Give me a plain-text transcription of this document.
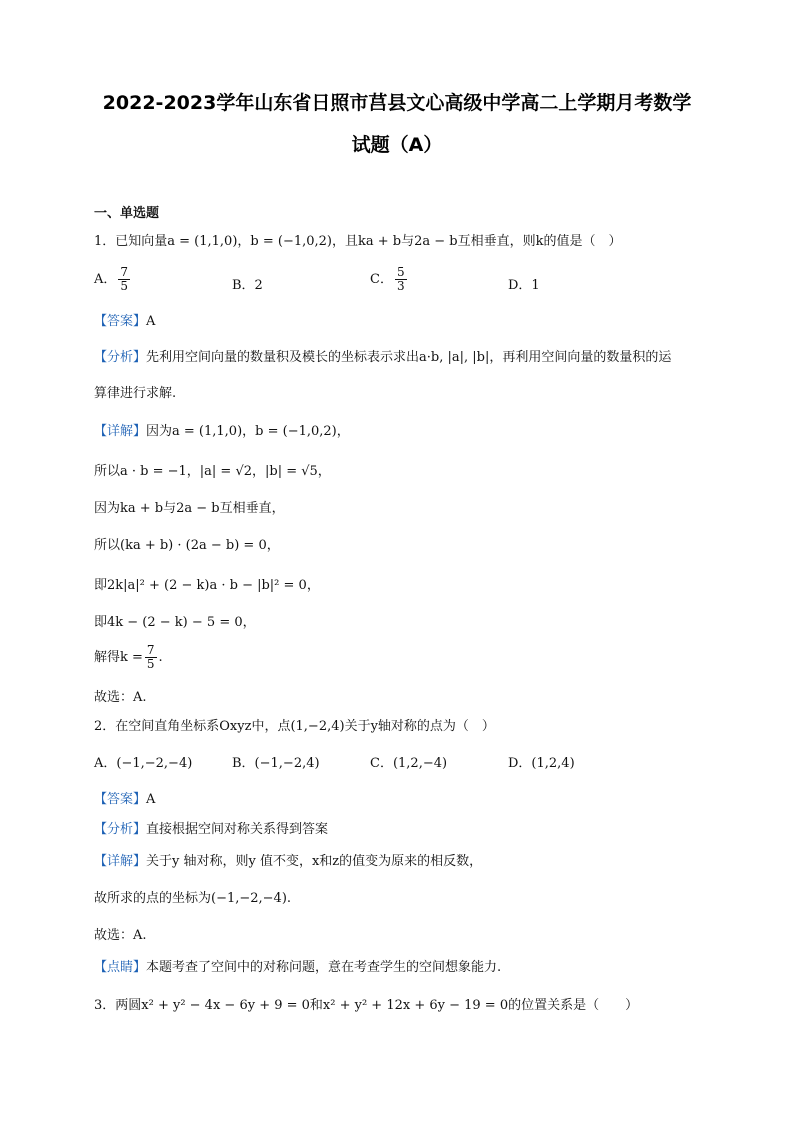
2022-2023学年山东省日照市莒县文心高级中学高二上学期月考数学
试题（A）
一、单选题
1．已知向量a = (1,1,0)，b = (−1,0,2)，且ka + b与2a − b互相垂直，则k的值是（　）
A． $\frac{7}{5}$	B．2	C． $\frac{5}{3}$	D．1
【答案】A
【分析】先利用空间向量的数量积及模长的坐标表示求出a·b, |a|, |b|，再利用空间向量的数量积的运
算律进行求解.
【详解】因为a = (1,1,0)，b = (−1,0,2)，
所以a · b = −1，|a| = √2，|b| = √5，
因为ka + b与2a − b互相垂直，
所以(ka + b) · (2a − b) = 0，
即2k|a|² + (2 − k)a · b − |b|² = 0，
即4k − (2 − k) − 5 = 0，
解得$k = \frac{7}{5}$ .
故选：A.
2．在空间直角坐标系Oxyz中，点(1,−2,4)关于y轴对称的点为（　）
A．(−1,−2,−4)	B．(−1,−2,4)	C．(1,2,−4)	D．(1,2,4)
【答案】A
【分析】直接根据空间对称关系得到答案
【详解】关于y 轴对称，则y 值不变，x和z的值变为原来的相反数，
故所求的点的坐标为(−1,−2,−4).
故选：A.
【点睛】本题考查了空间中的对称问题，意在考查学生的空间想象能力.
3．两圆x² + y² − 4x − 6y + 9 = 0和x² + y² + 12x + 6y − 19 = 0的位置关系是（　　）
